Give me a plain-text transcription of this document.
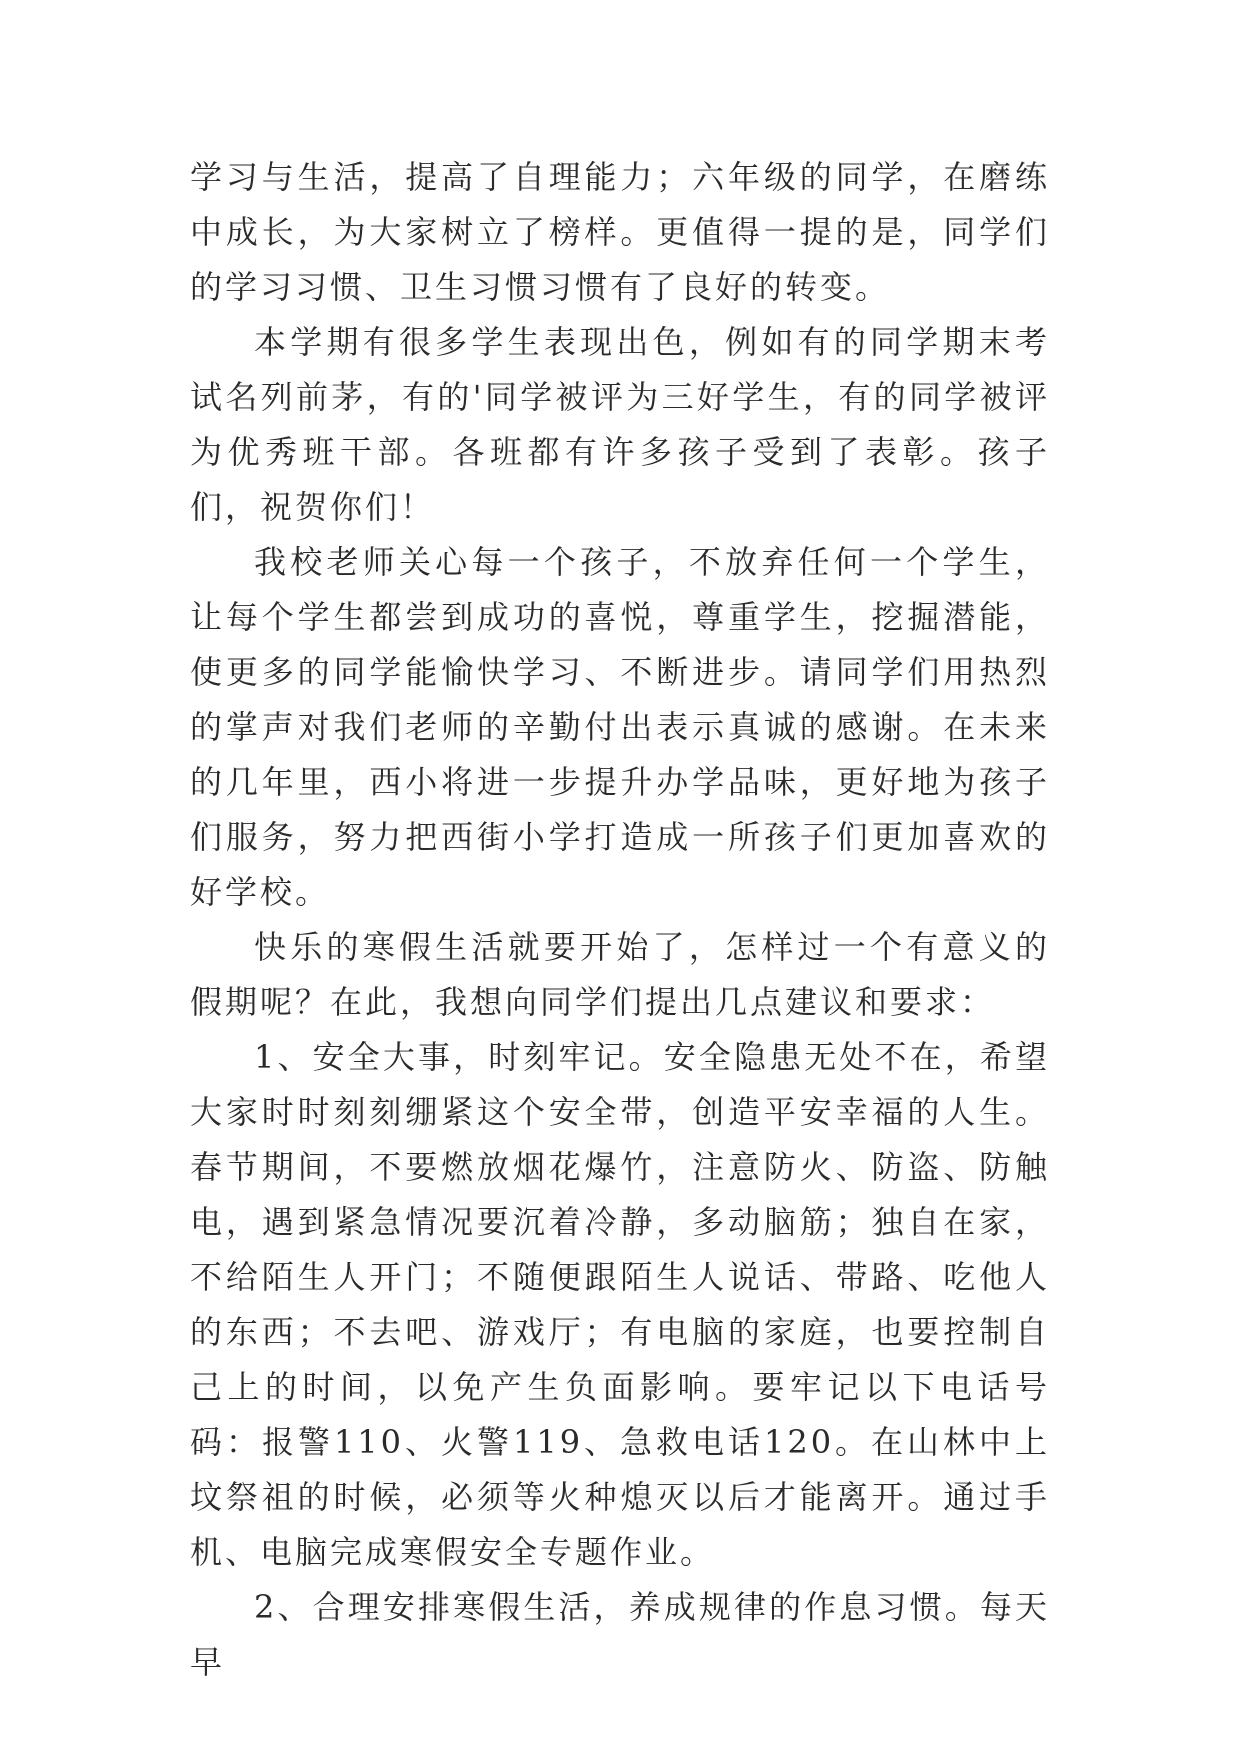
学习与生活，提高了自理能力；六年级的同学，在磨练中成长，为大家树立了榜样。更值得一提的是，同学们的学习习惯、卫生习惯习惯有了良好的转变。

本学期有很多学生表现出色，例如有的同学期末考试名列前茅，有的'同学被评为三好学生，有的同学被评为优秀班干部。各班都有许多孩子受到了表彰。孩子们，祝贺你们！

我校老师关心每一个孩子，不放弃任何一个学生，让每个学生都尝到成功的喜悦，尊重学生，挖掘潜能，使更多的同学能愉快学习、不断进步。请同学们用热烈的掌声对我们老师的辛勤付出表示真诚的感谢。在未来的几年里，西小将进一步提升办学品味，更好地为孩子们服务，努力把西街小学打造成一所孩子们更加喜欢的好学校。

快乐的寒假生活就要开始了，怎样过一个有意义的假期呢？在此，我想向同学们提出几点建议和要求：

1、安全大事，时刻牢记。安全隐患无处不在，希望大家时时刻刻绷紧这个安全带，创造平安幸福的人生。春节期间，不要燃放烟花爆竹，注意防火、防盗、防触电，遇到紧急情况要沉着冷静，多动脑筋；独自在家，不给陌生人开门；不随便跟陌生人说话、带路、吃他人的东西；不去吧、游戏厅；有电脑的家庭，也要控制自己上的时间，以免产生负面影响。要牢记以下电话号码：报警110、火警119、急救电话120。在山林中上坟祭祖的时候，必须等火种熄灭以后才能离开。通过手机、电脑完成寒假安全专题作业。

2、合理安排寒假生活，养成规律的作息习惯。每天早
